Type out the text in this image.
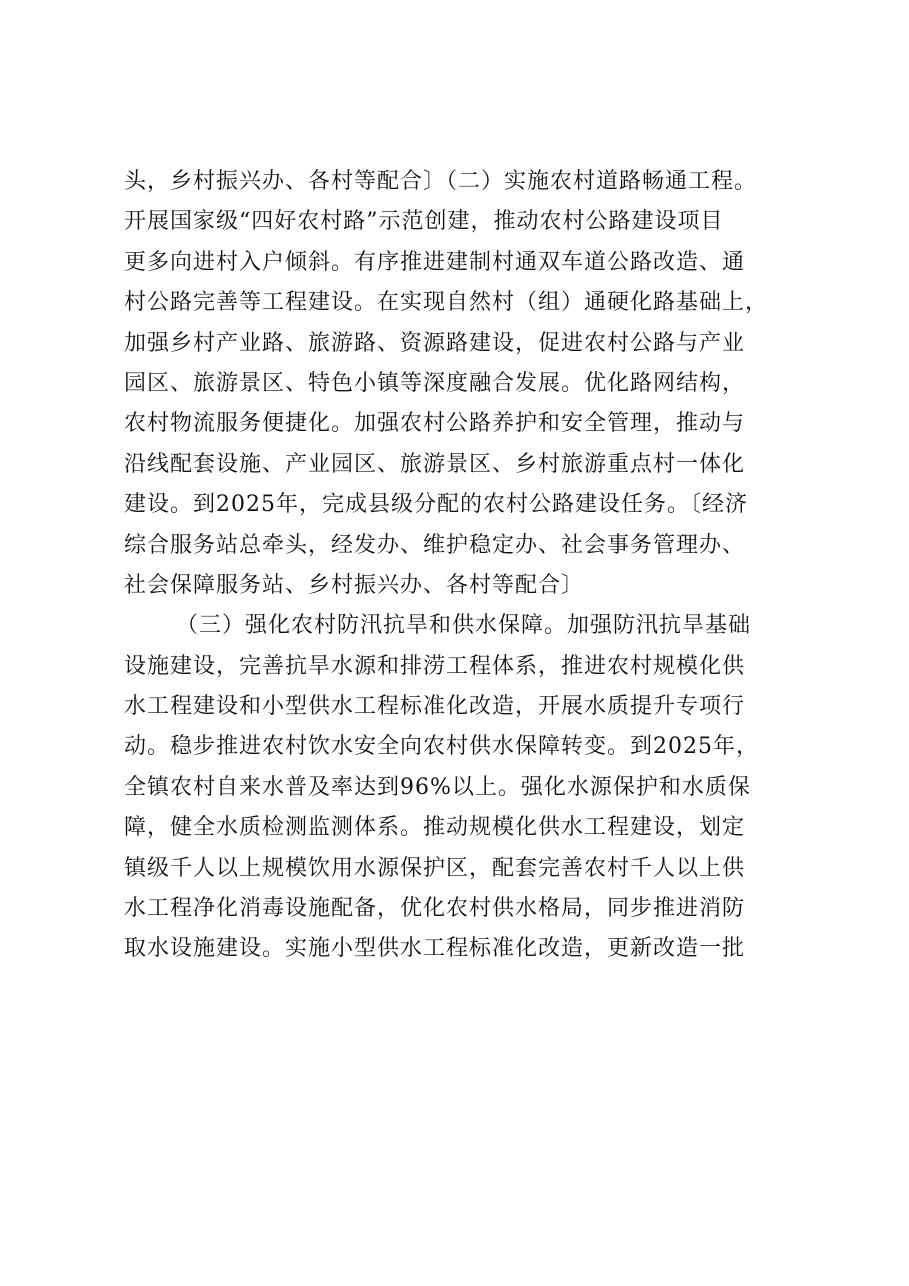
头，乡村振兴办、各村等配合〕（二）实施农村道路畅通工程。
开展国家级“四好农村路”示范创建，推动农村公路建设项目
更多向进村入户倾斜。有序推进建制村通双车道公路改造、通
村公路完善等工程建设。在实现自然村（组）通硬化路基础上，
加强乡村产业路、旅游路、资源路建设，促进农村公路与产业
园区、旅游景区、特色小镇等深度融合发展。优化路网结构，
农村物流服务便捷化。加强农村公路养护和安全管理，推动与
沿线配套设施、产业园区、旅游景区、乡村旅游重点村一体化
建设。到2025年，完成县级分配的农村公路建设任务。〔经济
综合服务站总牵头，经发办、维护稳定办、社会事务管理办、
社会保障服务站、乡村振兴办、各村等配合〕
（三）强化农村防汛抗旱和供水保障。加强防汛抗旱基础
设施建设，完善抗旱水源和排涝工程体系，推进农村规模化供
水工程建设和小型供水工程标准化改造，开展水质提升专项行
动。稳步推进农村饮水安全向农村供水保障转变。到2025年，
全镇农村自来水普及率达到96%以上。强化水源保护和水质保
障，健全水质检测监测体系。推动规模化供水工程建设，划定
镇级千人以上规模饮用水源保护区，配套完善农村千人以上供
水工程净化消毒设施配备，优化农村供水格局，同步推进消防
取水设施建设。实施小型供水工程标准化改造，更新改造一批
